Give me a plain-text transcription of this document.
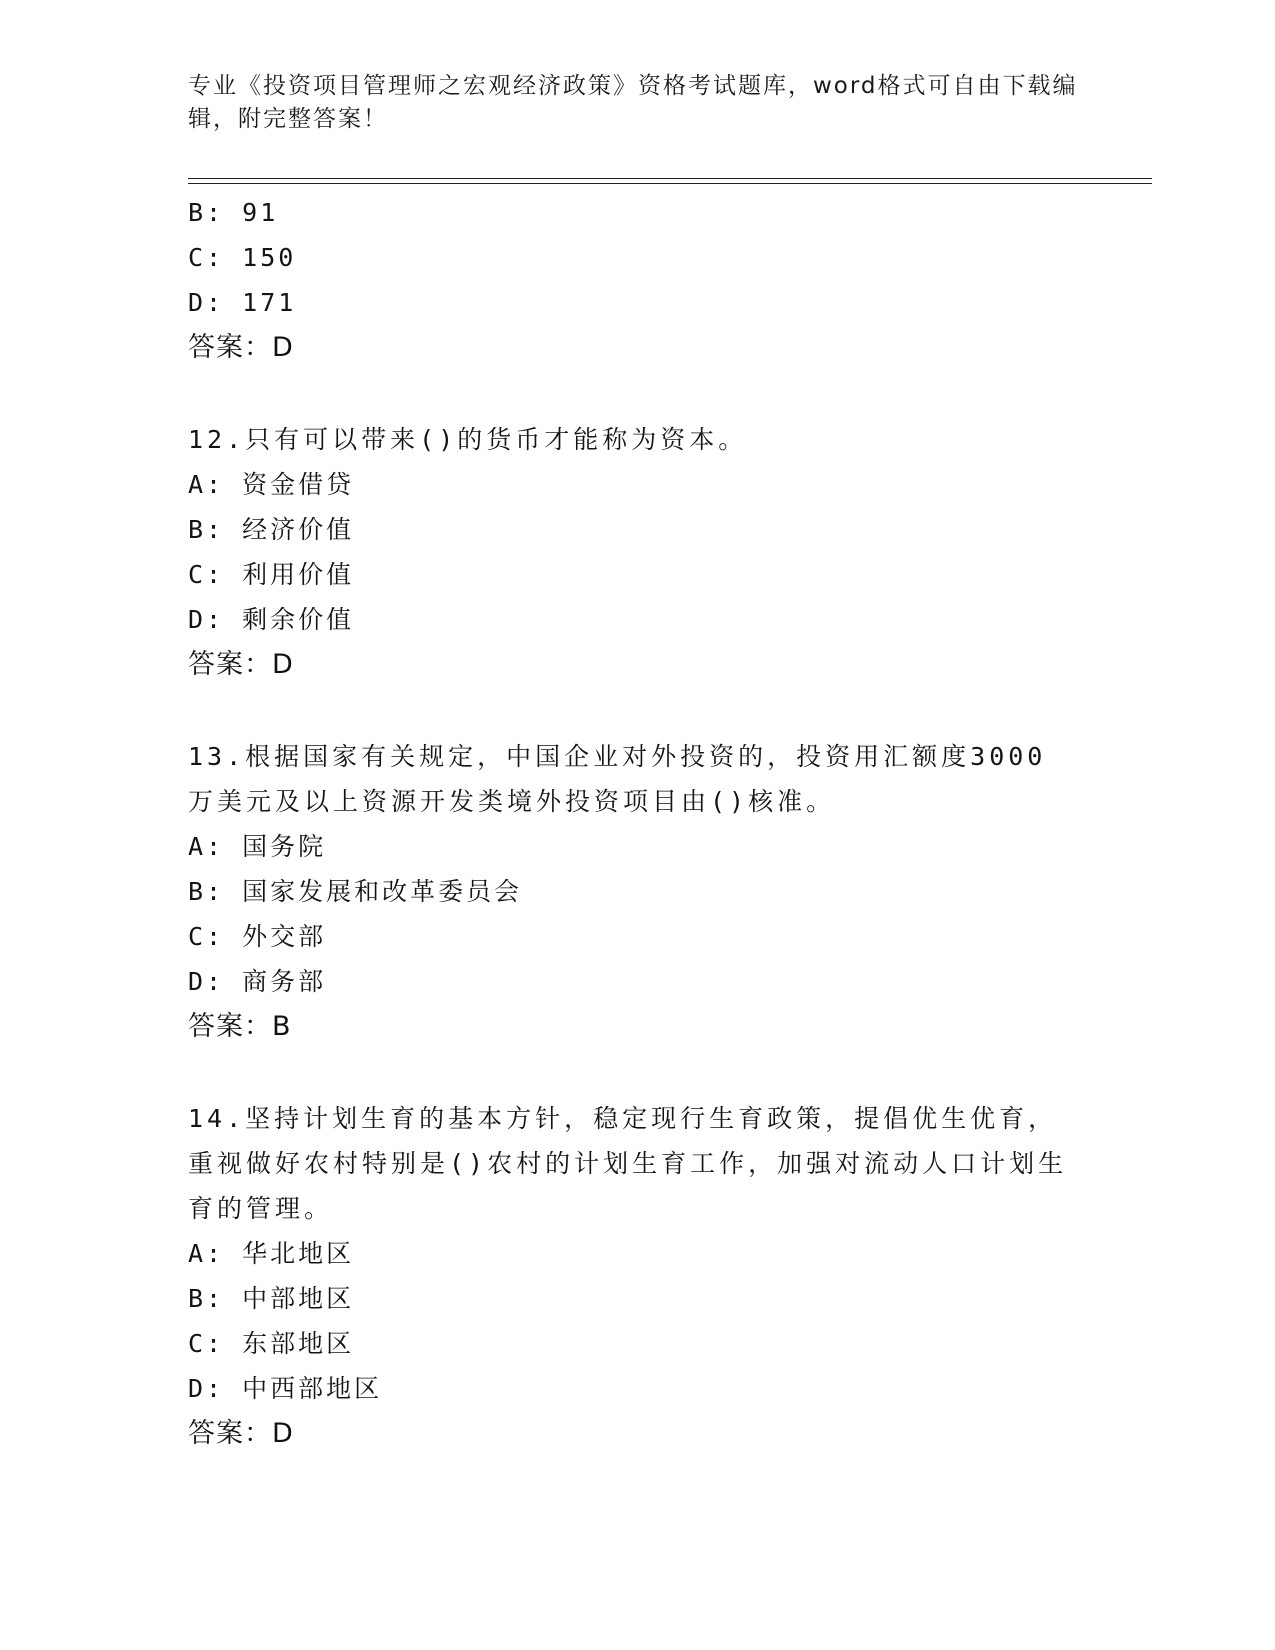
专业《投资项目管理师之宏观经济政策》资格考试题库，word格式可自由下载编辑，附完整答案！
B: 91
C: 150
D: 171
答案：D
12.只有可以带来()的货币才能称为资本。
A: 资金借贷
B: 经济价值
C: 利用价值
D: 剩余价值
答案：D
13.根据国家有关规定，中国企业对外投资的，投资用汇额度3000万美元及以上资源开发类境外投资项目由()核准。
A: 国务院
B: 国家发展和改革委员会
C: 外交部
D: 商务部
答案：B
14.坚持计划生育的基本方针，稳定现行生育政策，提倡优生优育，重视做好农村特别是()农村的计划生育工作，加强对流动人口计划生育的管理。
A: 华北地区
B: 中部地区
C: 东部地区
D: 中西部地区
答案：D
